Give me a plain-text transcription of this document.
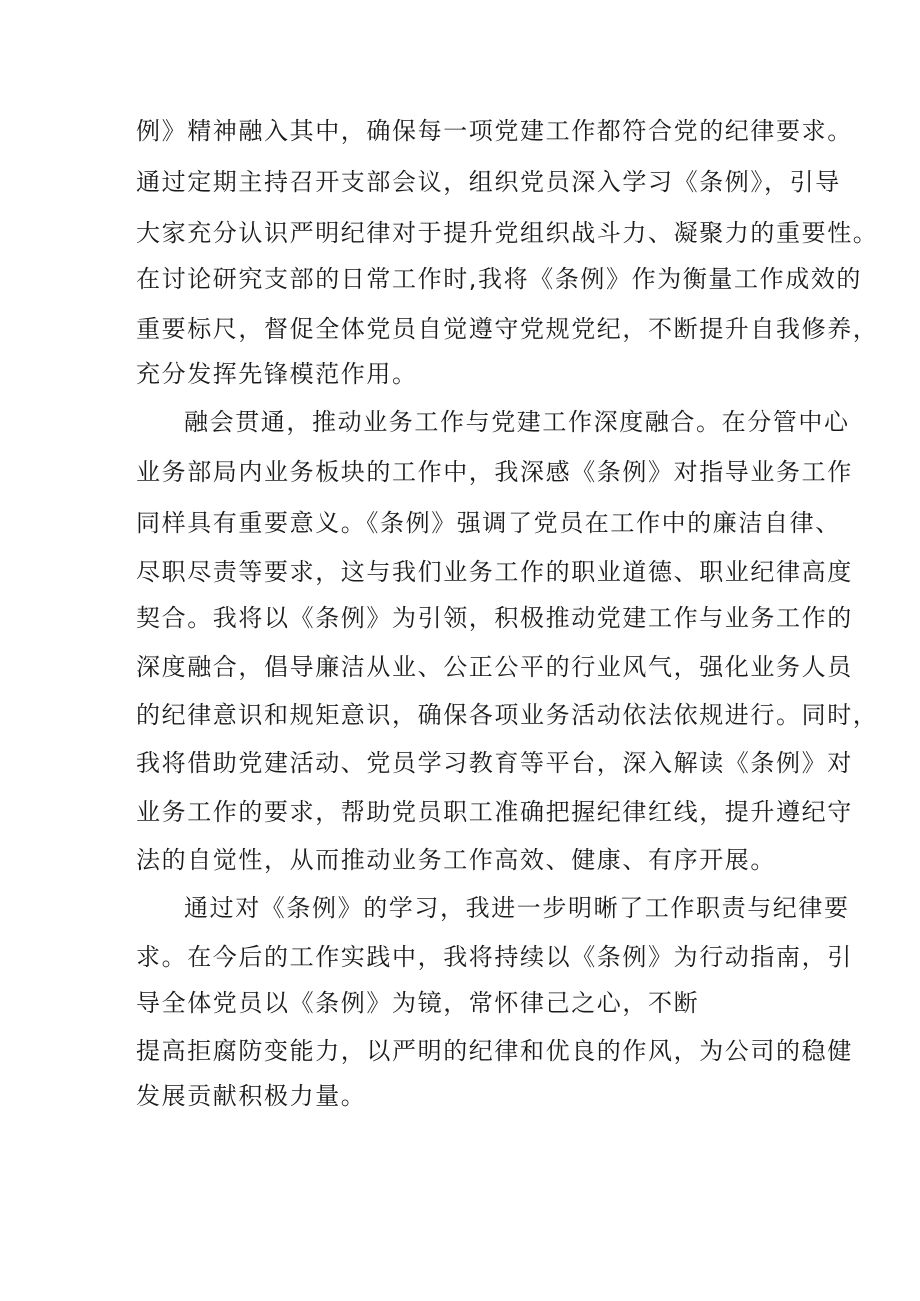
例》精神融入其中，确保每一项党建工作都符合党的纪律要求。
通过定期主持召开支部会议，组织党员深入学习《条例》，引导
大家充分认识严明纪律对于提升党组织战斗力、凝聚力的重要性。
在讨论研究支部的日常工作时,我将《条例》作为衡量工作成效的
重要标尺，督促全体党员自觉遵守党规党纪，不断提升自我修养，
充分发挥先锋模范作用。
融会贯通，推动业务工作与党建工作深度融合。在分管中心
业务部局内业务板块的工作中，我深感《条例》对指导业务工作
同样具有重要意义。《条例》强调了党员在工作中的廉洁自律、
尽职尽责等要求，这与我们业务工作的职业道德、职业纪律高度
契合。我将以《条例》为引领，积极推动党建工作与业务工作的
深度融合，倡导廉洁从业、公正公平的行业风气，强化业务人员
的纪律意识和规矩意识，确保各项业务活动依法依规进行。同时，
我将借助党建活动、党员学习教育等平台，深入解读《条例》对
业务工作的要求，帮助党员职工准确把握纪律红线，提升遵纪守
法的自觉性，从而推动业务工作高效、健康、有序开展。
通过对《条例》的学习，我进一步明晰了工作职责与纪律要
求。在今后的工作实践中，我将持续以《条例》为行动指南，引
导全体党员以《条例》为镜，常怀律己之心，不断
提高拒腐防变能力，以严明的纪律和优良的作风，为公司的稳健
发展贡献积极力量。
